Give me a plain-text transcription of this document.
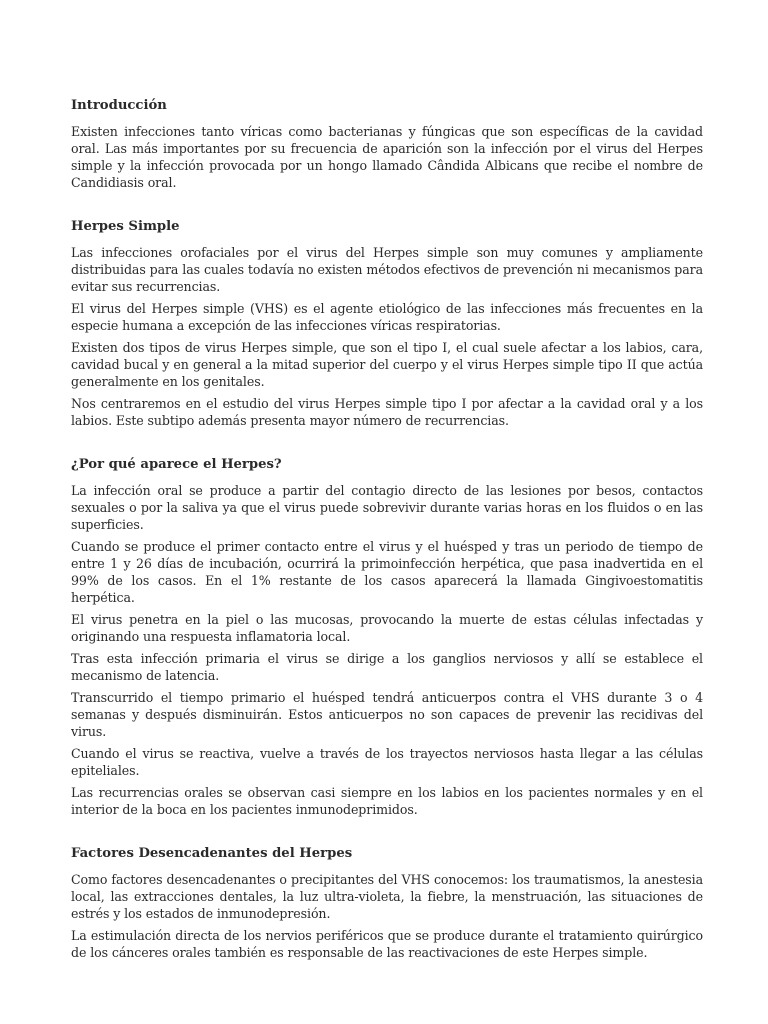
Introducción

Existen infecciones tanto víricas como bacterianas y fúngicas que son específicas de la cavidad oral. Las más importantes por su frecuencia de aparición son la infección por el virus del Herpes simple y la infección provocada por un hongo llamado Cândida Albicans que recibe el nombre de Candidiasis oral.

Herpes Simple

Las infecciones orofaciales por el virus del Herpes simple son muy comunes y ampliamente distribuidas para las cuales todavía no existen métodos efectivos de prevención ni mecanismos para evitar sus recurrencias.

El virus del Herpes simple (VHS) es el agente etiológico de las infecciones más frecuentes en la especie humana a excepción de las infecciones víricas respiratorias.

Existen dos tipos de virus Herpes simple, que son el tipo I, el cual suele afectar a los labios, cara, cavidad bucal y en general a la mitad superior del cuerpo y el virus Herpes simple tipo II que actúa generalmente en los genitales.

Nos centraremos en el estudio del virus Herpes simple tipo I por afectar a la cavidad oral y a los labios. Este subtipo además presenta mayor número de recurrencias.

¿Por qué aparece el Herpes?

La infección oral se produce a partir del contagio directo de las lesiones por besos, contactos sexuales o por la saliva ya que el virus puede sobrevivir durante varias horas en los fluidos o en las superficies.

Cuando se produce el primer contacto entre el virus y el huésped y tras un periodo de tiempo de entre 1 y 26 días de incubación, ocurrirá la primoinfección herpética, que pasa inadvertida en el 99% de los casos. En el 1% restante de los casos aparecerá la llamada Gingivoestomatitis herpética.

El virus penetra en la piel o las mucosas, provocando la muerte de estas células infectadas y originando una respuesta inflamatoria local.

Tras esta infección primaria el virus se dirige a los ganglios nerviosos y allí se establece el mecanismo de latencia.

Transcurrido el tiempo primario el huésped tendrá anticuerpos contra el VHS durante 3 o 4 semanas y después disminuirán. Estos anticuerpos no son capaces de prevenir las recidivas del virus.

Cuando el virus se reactiva, vuelve a través de los trayectos nerviosos hasta llegar a las células epiteliales.

Las recurrencias orales se observan casi siempre en los labios en los pacientes normales y en el interior de la boca en los pacientes inmunodeprimidos.

Factores Desencadenantes del Herpes

Como factores desencadenantes o precipitantes del VHS conocemos: los traumatismos, la anestesia local, las extracciones dentales, la luz ultra-violeta, la fiebre, la menstruación, las situaciones de estrés y los estados de inmunodepresión.

La estimulación directa de los nervios periféricos que se produce durante el tratamiento quirúrgico de los cánceres orales también es responsable de las reactivaciones de este Herpes simple.
